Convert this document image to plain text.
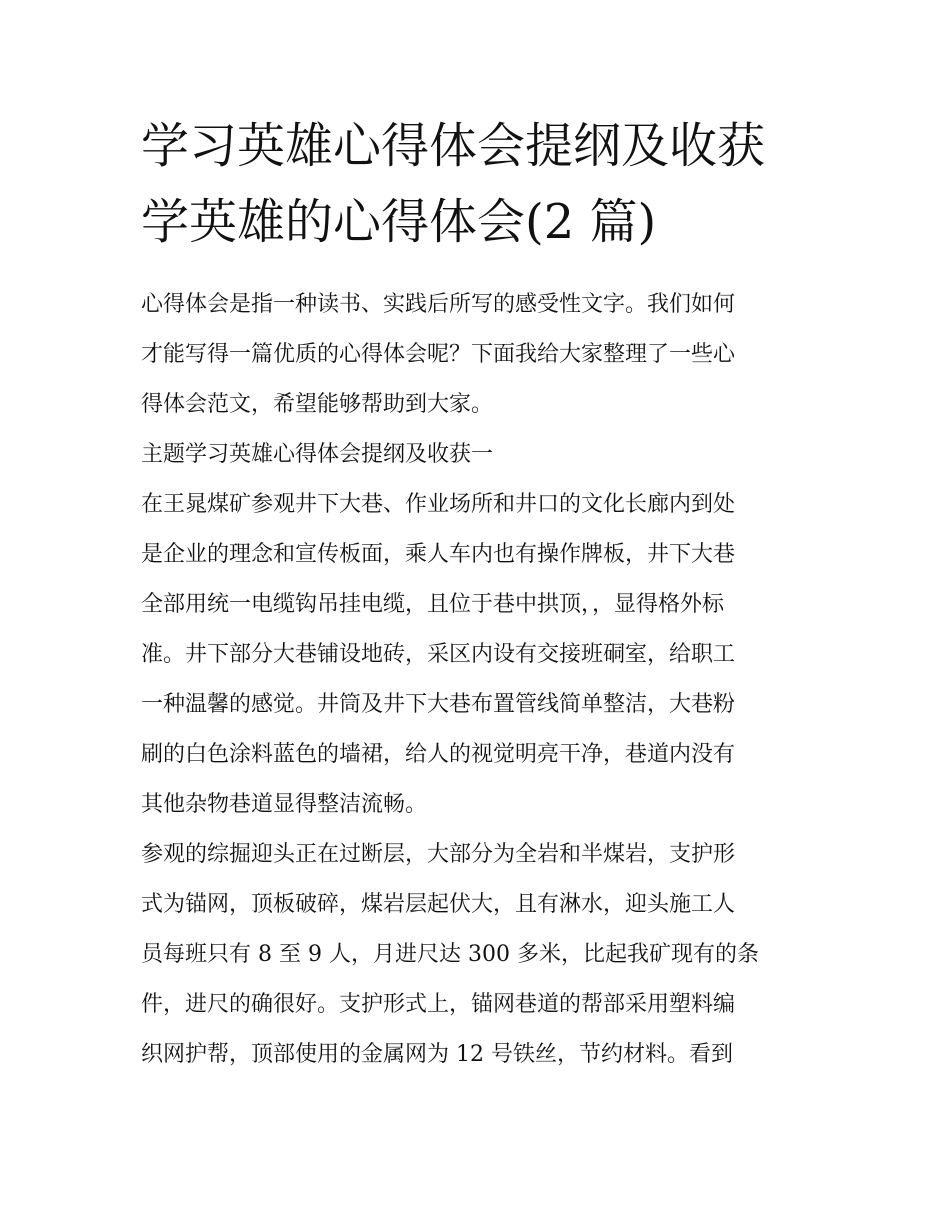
学习英雄心得体会提纲及收获
学英雄的心得体会(2 篇)

心得体会是指一种读书、实践后所写的感受性文字。我们如何
才能写得一篇优质的心得体会呢？下面我给大家整理了一些心
得体会范文，希望能够帮助到大家。

主题学习英雄心得体会提纲及收获一

在王晁煤矿参观井下大巷、作业场所和井口的文化长廊内到处
是企业的理念和宣传板面，乘人车内也有操作牌板，井下大巷
全部用统一电缆钩吊挂电缆，且位于巷中拱顶，，显得格外标
准。井下部分大巷铺设地砖，采区内设有交接班硐室，给职工
一种温馨的感觉。井筒及井下大巷布置管线简单整洁，大巷粉
刷的白色涂料蓝色的墙裙，给人的视觉明亮干净，巷道内没有
其他杂物巷道显得整洁流畅。

参观的综掘迎头正在过断层，大部分为全岩和半煤岩，支护形
式为锚网，顶板破碎，煤岩层起伏大，且有淋水，迎头施工人
员每班只有 8 至 9 人，月进尺达 300 多米，比起我矿现有的条
件，进尺的确很好。支护形式上，锚网巷道的帮部采用塑料编
织网护帮，顶部使用的金属网为 12 号铁丝，节约材料。看到
